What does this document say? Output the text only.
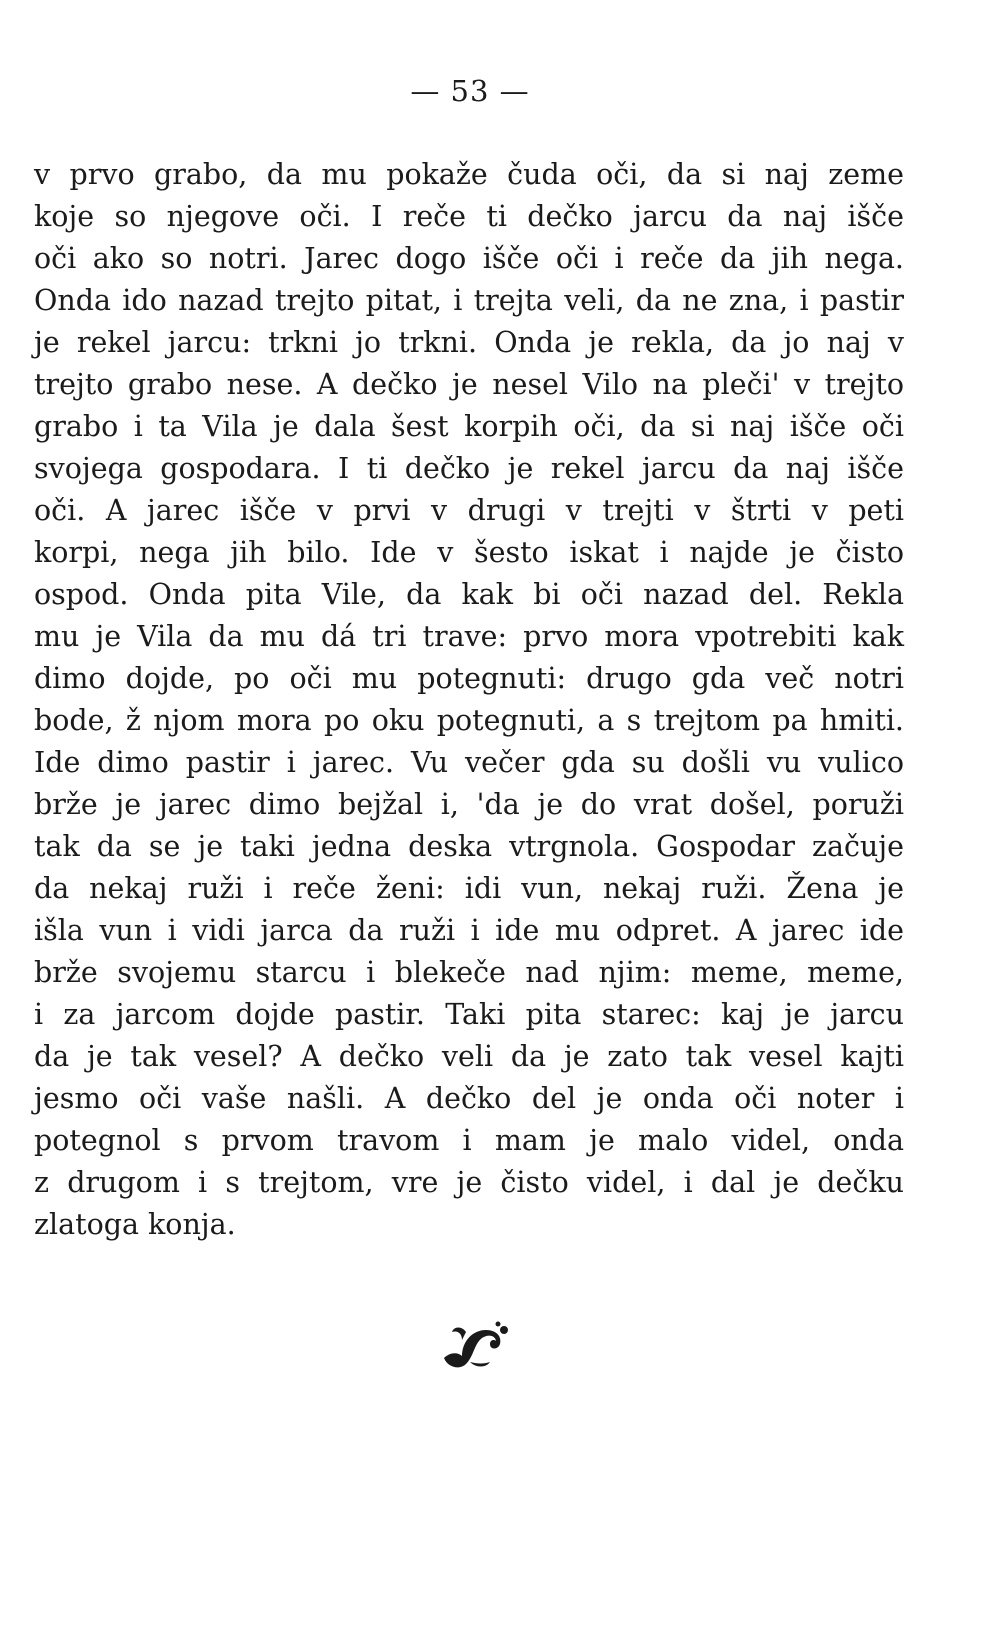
— 53 —
v prvo grabo, da mu pokaže čuda oči, da si naj zeme
koje so njegove oči. I reče ti dečko jarcu da naj išče
oči ako so notri. Jarec dogo išče oči i reče da jih nega.
Onda ido nazad trejto pitat, i trejta veli, da ne zna, i pastir
je rekel jarcu: trkni jo trkni. Onda je rekla, da jo naj v
trejto grabo nese. A dečko je nesel Vilo na pleči' v trejto
grabo i ta Vila je dala šest korpih oči, da si naj išče oči
svojega gospodara. I ti dečko je rekel jarcu da naj išče
oči. A jarec išče v prvi v drugi v trejti v štrti v peti
korpi, nega jih bilo. Ide v šesto iskat i najde je čisto
ospod. Onda pita Vile, da kak bi oči nazad del. Rekla
mu je Vila da mu dá tri trave: prvo mora vpotrebiti kak
dimo dojde, po oči mu potegnuti: drugo gda več notri
bode, ž njom mora po oku potegnuti, a s trejtom pa hmiti.
Ide dimo pastir i jarec. Vu večer gda su došli vu vulico
brže je jarec dimo bejžal i, 'da je do vrat došel, poruži
tak da se je taki jedna deska vtrgnola. Gospodar začuje
da nekaj ruži i reče ženi: idi vun, nekaj ruži. Žena je
išla vun i vidi jarca da ruži i ide mu odpret. A jarec ide
brže svojemu starcu i blekeče nad njim: meme, meme,
i za jarcom dojde pastir. Taki pita starec: kaj je jarcu
da je tak vesel? A dečko veli da je zato tak vesel kajti
jesmo oči vaše našli. A dečko del je onda oči noter i
potegnol s prvom travom i mam je malo videl, onda
z drugom i s trejtom, vre je čisto videl, i dal je dečku
zlatoga konja.
